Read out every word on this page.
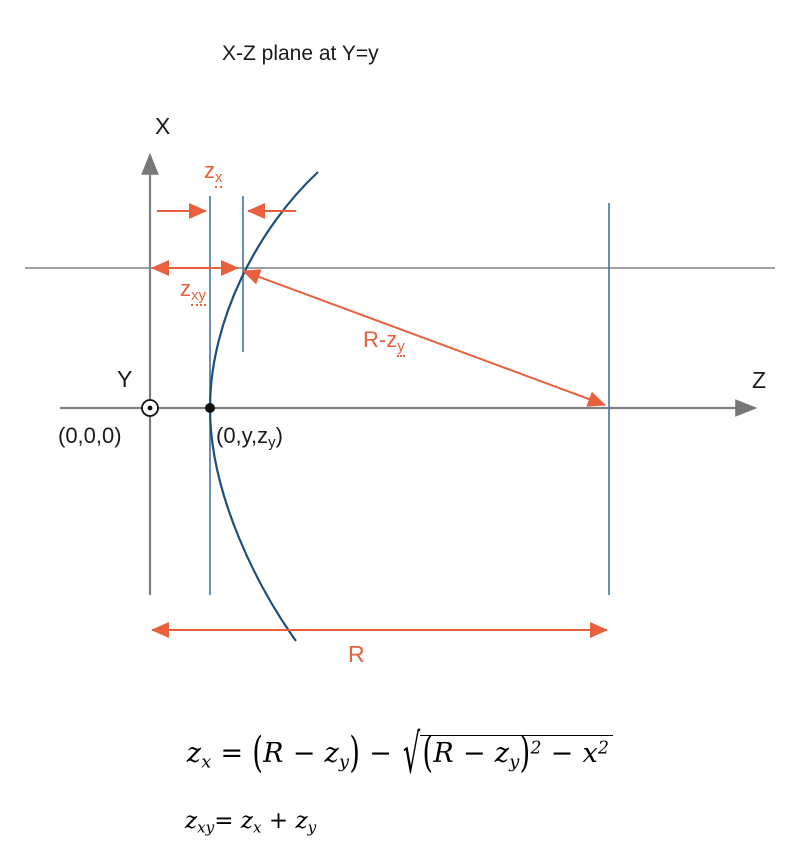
X-Z plane at Y=y
X
Z
Y
(0,0,0)	$(0,y,z_y)$
$z_x$
$z_{xy}$
$R-z_y$
R
zx = $(R - zy) - √(R - zy)^2 - x^2$
zxy= zx + zy
